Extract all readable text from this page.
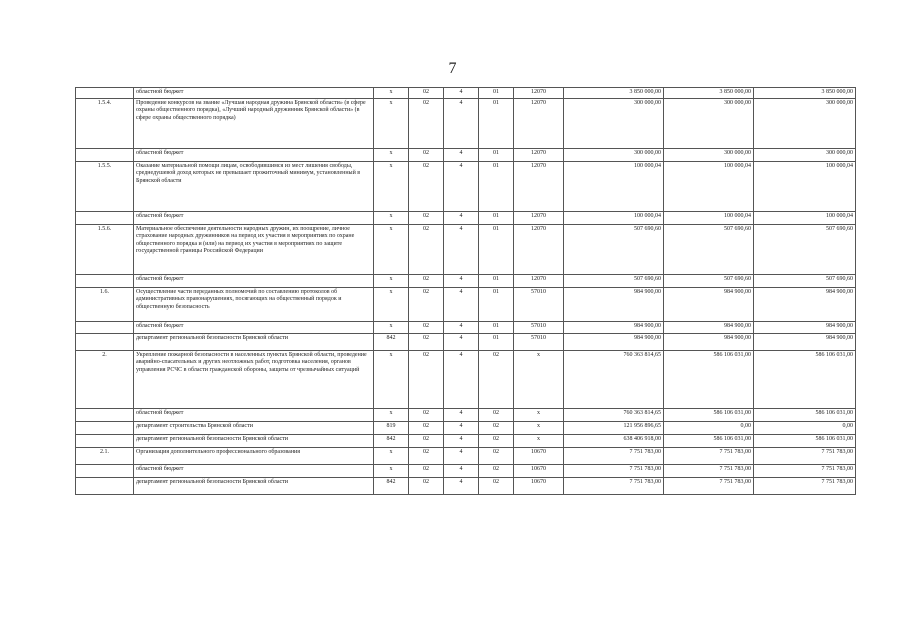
7
	областной бюджет	x	02	4	01	12070	3 850 000,00	3 850 000,00	3 850 000,00
1.5.4.	Проведение конкурсов на звание «Лучшая народная дружина Брянской области» (в сфере охраны общественного порядка), «Лучший народный дружинник Брянской области» (в сфере охраны общественного порядка)	x	02	4	01	12070	300 000,00	300 000,00	300 000,00
	областной бюджет	x	02	4	01	12070	300 000,00	300 000,00	300 000,00
1.5.5.	Оказание материальной помощи лицам, освободившимся из мест лишения свободы, среднедушевой доход которых не превышает прожиточный минимум, установленный в Брянской области	x	02	4	01	12070	100 000,04	100 000,04	100 000,04
	областной бюджет	x	02	4	01	12070	100 000,04	100 000,04	100 000,04
1.5.6.	Материальное обеспечение деятельности народных дружин, их поощрение, личное страхование народных дружинников на период их участия в мероприятиях по охране общественного порядка и (или) на период их участия в мероприятиях по защите государственной границы Российской Федерации	x	02	4	01	12070	507 690,60	507 690,60	507 690,60
	областной бюджет	x	02	4	01	12070	507 690,60	507 690,60	507 690,60
1.6.	Осуществление части переданных полномочий по составлению протоколов об административных правонарушениях, посягающих на общественный порядок и общественную безопасность	x	02	4	01	57010	984 900,00	984 900,00	984 900,00
	областной бюджет	x	02	4	01	57010	984 900,00	984 900,00	984 900,00
	департамент региональной безопасности Брянской области	842	02	4	01	57010	984 900,00	984 900,00	984 900,00
2.	Укрепление пожарной безопасности в населенных пунктах Брянской области, проведение аварийно-спасательных и других неотложных работ, подготовка населения, органов управления РСЧС в области гражданской обороны, защиты от чрезвычайных ситуаций	x	02	4	02	x	760 363 814,65	586 106 031,00	586 106 031,00
	областной бюджет	x	02	4	02	x	760 363 814,65	586 106 031,00	586 106 031,00
	департамент строительства Брянской области	819	02	4	02	x	121 956 896,65	0,00	0,00
	департамент региональной безопасности Брянской области	842	02	4	02	x	638 406 918,00	586 106 031,00	586 106 031,00
2.1.	Организация дополнительного профессионального образования	x	02	4	02	10670	7 751 783,00	7 751 783,00	7 751 783,00
	областной бюджет	x	02	4	02	10670	7 751 783,00	7 751 783,00	7 751 783,00
	департамент региональной безопасности Брянской области	842	02	4	02	10670	7 751 783,00	7 751 783,00	7 751 783,00
